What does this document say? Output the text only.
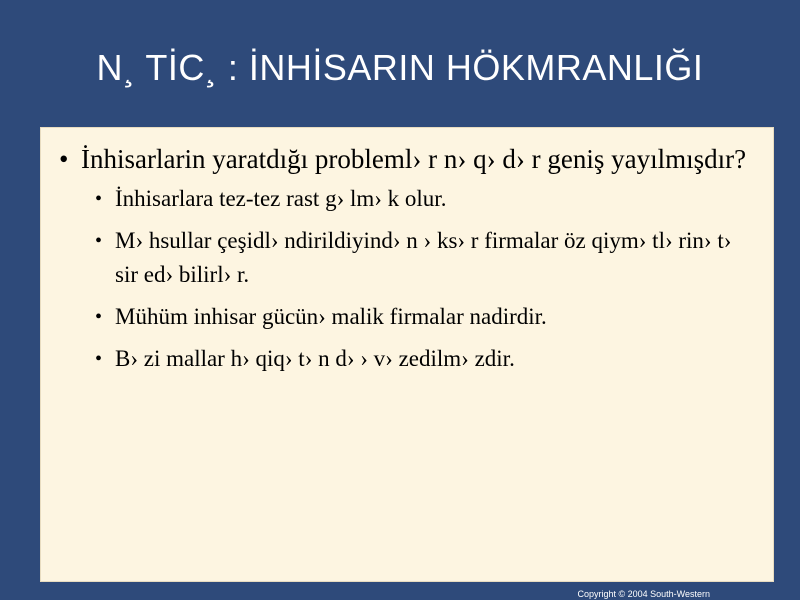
N¸ TİC¸ : İNHİSARIN HÖKMRANLIĞI
• İnhisarlarin yaratdığı probleml› r n› q› d› r geniş yayılmışdır?
• İnhisarlara tez-tez rast g› lm› k olur.
• M› hsullar çeşidl› ndirildiyind› n › ks› r firmalar öz qiym› tl› rin› t› sir ed› bilirl› r.
• Mühüm inhisar gücün› malik firmalar nadirdir.
• B› zi mallar h› qiq› t› n d› › v› zedilm› zdir.
Copyright © 2004 South-Western
